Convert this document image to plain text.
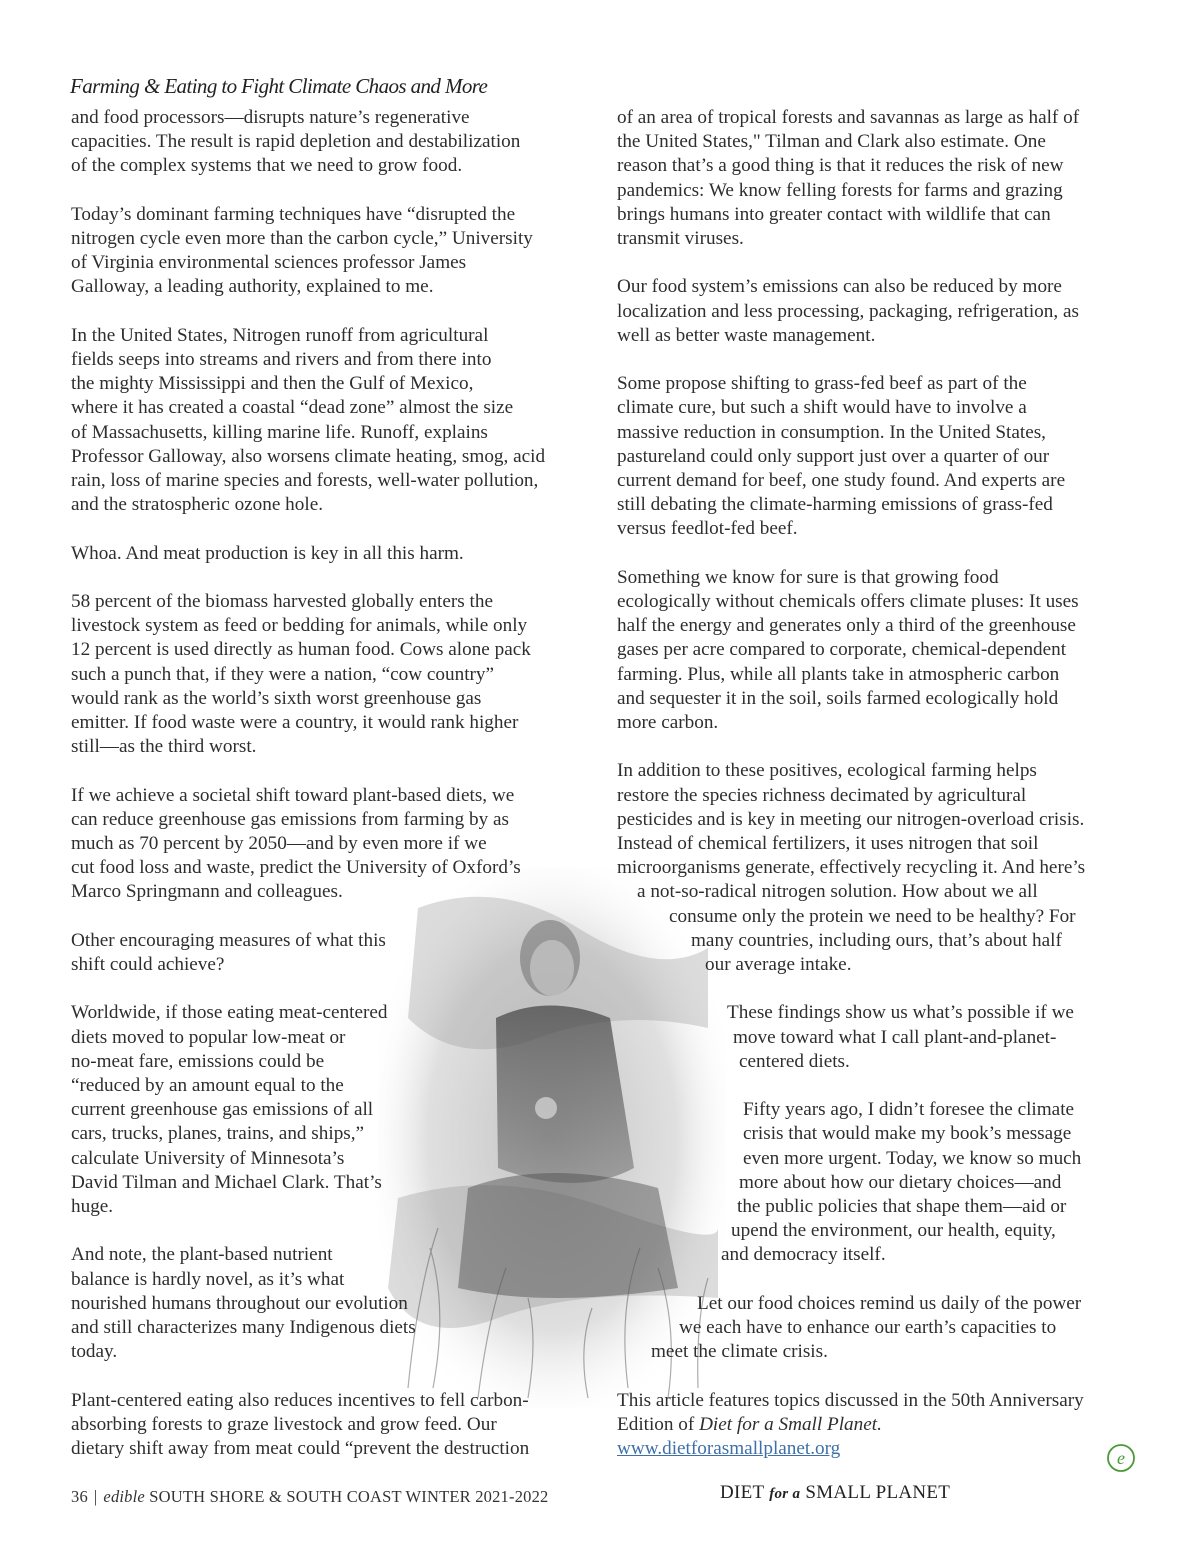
Farming & Eating to Fight Climate Chaos and More

and food processors—disrupts nature’s regenerative
capacities. The result is rapid depletion and destabilization
of the complex systems that we need to grow food.

Today’s dominant farming techniques have “disrupted the
nitrogen cycle even more than the carbon cycle,” University
of Virginia environmental sciences professor James
Galloway, a leading authority, explained to me.

In the United States, Nitrogen runoff from agricultural
fields seeps into streams and rivers and from there into
the mighty Mississippi and then the Gulf of Mexico,
where it has created a coastal “dead zone” almost the size
of Massachusetts, killing marine life. Runoff, explains
Professor Galloway, also worsens climate heating, smog, acid
rain, loss of marine species and forests, well-water pollution,
and the stratospheric ozone hole.

Whoa. And meat production is key in all this harm.

58 percent of the biomass harvested globally enters the
livestock system as feed or bedding for animals, while only
12 percent is used directly as human food. Cows alone pack
such a punch that, if they were a nation, “cow country”
would rank as the world’s sixth worst greenhouse gas
emitter. If food waste were a country, it would rank higher
still—as the third worst.

If we achieve a societal shift toward plant-based diets, we
can reduce greenhouse gas emissions from farming by as
much as 70 percent by 2050—and by even more if we
cut food loss and waste, predict the University of Oxford’s
Marco Springmann and colleagues.

Other encouraging measures of what this
shift could achieve?

Worldwide, if those eating meat-centered
diets moved to popular low-meat or
no-meat fare, emissions could be
“reduced by an amount equal to the
current greenhouse gas emissions of all
cars, trucks, planes, trains, and ships,”
calculate University of Minnesota’s
David Tilman and Michael Clark. That’s
huge.

And note, the plant-based nutrient
balance is hardly novel, as it’s what
nourished humans throughout our evolution
and still characterizes many Indigenous diets
today.

Plant-centered eating also reduces incentives to fell carbon-
absorbing forests to graze livestock and grow feed. Our
dietary shift away from meat could “prevent the destruction

of an area of tropical forests and savannas as large as half of
the United States," Tilman and Clark also estimate. One
reason that’s a good thing is that it reduces the risk of new
pandemics: We know felling forests for farms and grazing
brings humans into greater contact with wildlife that can
transmit viruses.

Our food system’s emissions can also be reduced by more
localization and less processing, packaging, refrigeration, as
well as better waste management.

Some propose shifting to grass-fed beef as part of the
climate cure, but such a shift would have to involve a
massive reduction in consumption. In the United States,
pastureland could only support just over a quarter of our
current demand for beef, one study found. And experts are
still debating the climate-harming emissions of grass-fed
versus feedlot-fed beef.

Something we know for sure is that growing food
ecologically without chemicals offers climate pluses: It uses
half the energy and generates only a third of the greenhouse
gases per acre compared to corporate, chemical-dependent
farming. Plus, while all plants take in atmospheric carbon
and sequester it in the soil, soils farmed ecologically hold
more carbon.

In addition to these positives, ecological farming helps
restore the species richness decimated by agricultural
pesticides and is key in meeting our nitrogen-overload crisis.
Instead of chemical fertilizers, it uses nitrogen that soil
microorganisms generate, effectively recycling it. And here’s
a not-so-radical nitrogen solution. How about we all
consume only the protein we need to be healthy? For
many countries, including ours, that’s about half
our average intake.

These findings show us what’s possible if we
move toward what I call plant-and-planet-
centered diets.

Fifty years ago, I didn’t foresee the climate
crisis that would make my book’s message
even more urgent. Today, we know so much
more about how our dietary choices—and
the public policies that shape them—aid or
upend the environment, our health, equity,
and democracy itself.

Let our food choices remind us daily of the power
we each have to enhance our earth’s capacities to
meet the climate crisis.

This article features topics discussed in the 50th Anniversary
Edition of Diet for a Small Planet.
www.dietforasmallplanet.org

36 | edible SOUTH SHORE & SOUTH COAST WINTER 2021-2022	DIET for a SMALL PLANET
e
